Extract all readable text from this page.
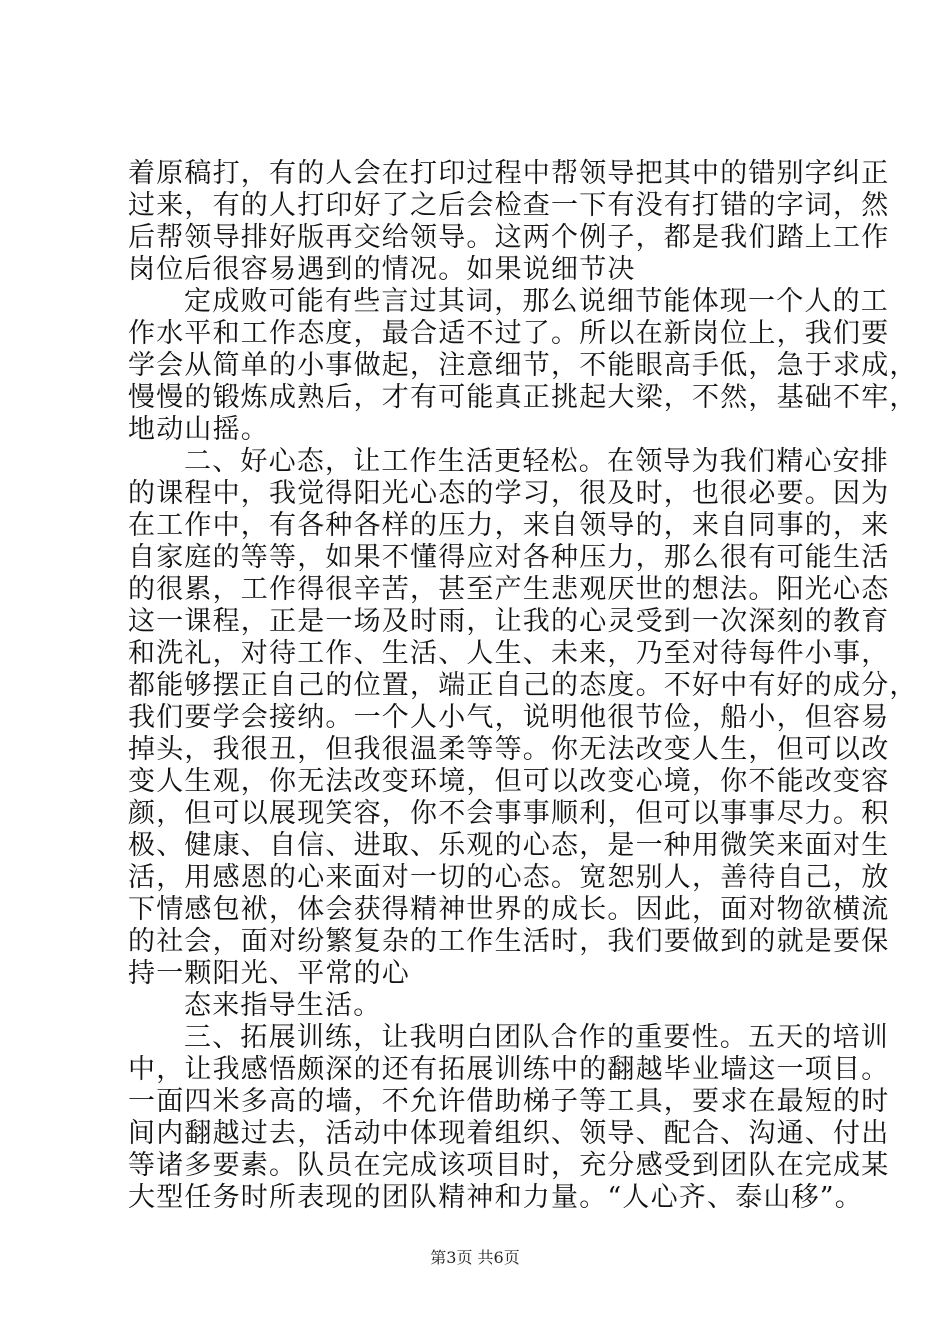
着原稿打，有的人会在打印过程中帮领导把其中的错别字纠正
过来，有的人打印好了之后会检查一下有没有打错的字词，然
后帮领导排好版再交给领导。这两个例子，都是我们踏上工作
岗位后很容易遇到的情况。如果说细节决
定成败可能有些言过其词，那么说细节能体现一个人的工
作水平和工作态度，最合适不过了。所以在新岗位上，我们要
学会从简单的小事做起，注意细节，不能眼高手低，急于求成，
慢慢的锻炼成熟后，才有可能真正挑起大梁，不然，基础不牢，
地动山摇。
二、好心态，让工作生活更轻松。在领导为我们精心安排
的课程中，我觉得阳光心态的学习，很及时，也很必要。因为
在工作中，有各种各样的压力，来自领导的，来自同事的，来
自家庭的等等，如果不懂得应对各种压力，那么很有可能生活
的很累，工作得很辛苦，甚至产生悲观厌世的想法。阳光心态
这一课程，正是一场及时雨，让我的心灵受到一次深刻的教育
和洗礼，对待工作、生活、人生、未来，乃至对待每件小事，
都能够摆正自己的位置，端正自己的态度。不好中有好的成分，
我们要学会接纳。一个人小气，说明他很节俭，船小，但容易
掉头，我很丑，但我很温柔等等。你无法改变人生，但可以改
变人生观，你无法改变环境，但可以改变心境，你不能改变容
颜，但可以展现笑容，你不会事事顺利，但可以事事尽力。积
极、健康、自信、进取、乐观的心态，是一种用微笑来面对生
活，用感恩的心来面对一切的心态。宽恕别人，善待自己，放
下情感包袱，体会获得精神世界的成长。因此，面对物欲横流
的社会，面对纷繁复杂的工作生活时，我们要做到的就是要保
持一颗阳光、平常的心
态来指导生活。
三、拓展训练，让我明白团队合作的重要性。五天的培训
中，让我感悟颇深的还有拓展训练中的翻越毕业墙这一项目。
一面四米多高的墙，不允许借助梯子等工具，要求在最短的时
间内翻越过去，活动中体现着组织、领导、配合、沟通、付出
等诸多要素。队员在完成该项目时，充分感受到团队在完成某
大型任务时所表现的团队精神和力量。“人心齐、泰山移”。
第3页 共6页
